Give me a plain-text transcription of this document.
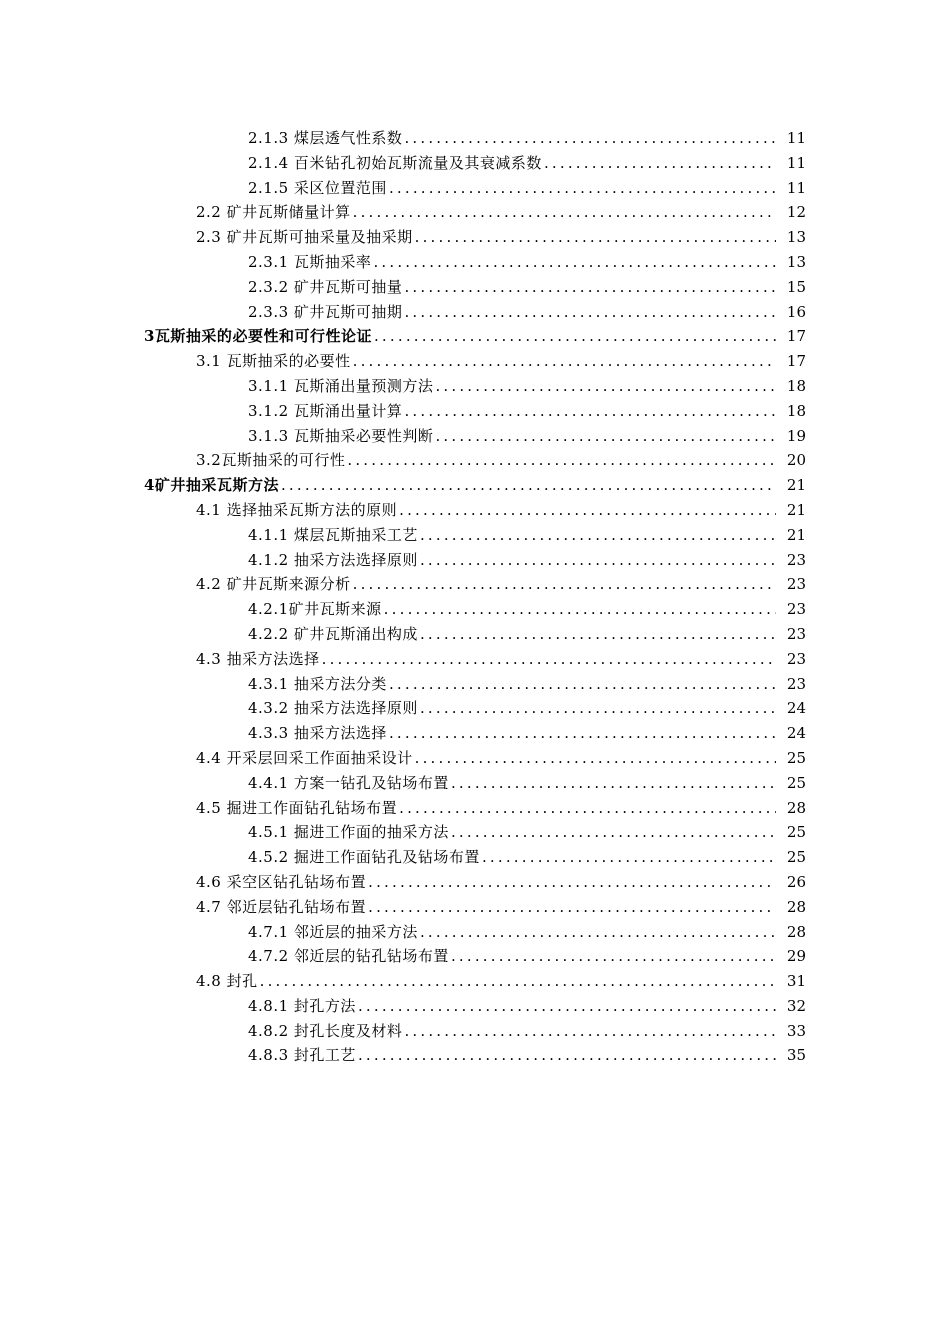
2.1.3 煤层透气性系数 .....	11
2.1.4 百米钻孔初始瓦斯流量及其衰减系数 .....	11
2.1.5 采区位置范围 .....	11
2.2 矿井瓦斯储量计算 .....	12
2.3 矿井瓦斯可抽采量及抽采期 .....	13
2.3.1 瓦斯抽采率 .....	13
2.3.2 矿井瓦斯可抽量 .....	15
2.3.3 矿井瓦斯可抽期 .....	16
3瓦斯抽采的必要性和可行性论证 .....	17
3.1 瓦斯抽采的必要性 .....	17
3.1.1 瓦斯涌出量预测方法 .....	18
3.1.2 瓦斯涌出量计算 .....	18
3.1.3 瓦斯抽采必要性判断 .....	19
3.2瓦斯抽采的可行性 .....	20
4矿井抽采瓦斯方法 .....	21
4.1 选择抽采瓦斯方法的原则 .....	21
4.1.1 煤层瓦斯抽采工艺 .....	21
4.1.2 抽采方法选择原则 .....	23
4.2 矿井瓦斯来源分析 .....	23
4.2.1矿井瓦斯来源 .....	23
4.2.2 矿井瓦斯涌出构成 .....	23
4.3 抽采方法选择 .....	23
4.3.1 抽采方法分类 .....	23
4.3.2 抽采方法选择原则 .....	24
4.3.3 抽采方法选择 .....	24
4.4 开采层回采工作面抽采设计 .....	25
4.4.1 方案一钻孔及钻场布置 .....	25
4.5 掘进工作面钻孔钻场布置 .....	28
4.5.1 掘进工作面的抽采方法 .....	25
4.5.2 掘进工作面钻孔及钻场布置 .....	25
4.6 采空区钻孔钻场布置 .....	26
4.7 邻近层钻孔钻场布置 .....	28
4.7.1 邻近层的抽采方法 .....	28
4.7.2 邻近层的钻孔钻场布置 .....	29
4.8 封孔 .....	31
4.8.1 封孔方法 .....	32
4.8.2 封孔长度及材料 .....	33
4.8.3 封孔工艺 .....	35
